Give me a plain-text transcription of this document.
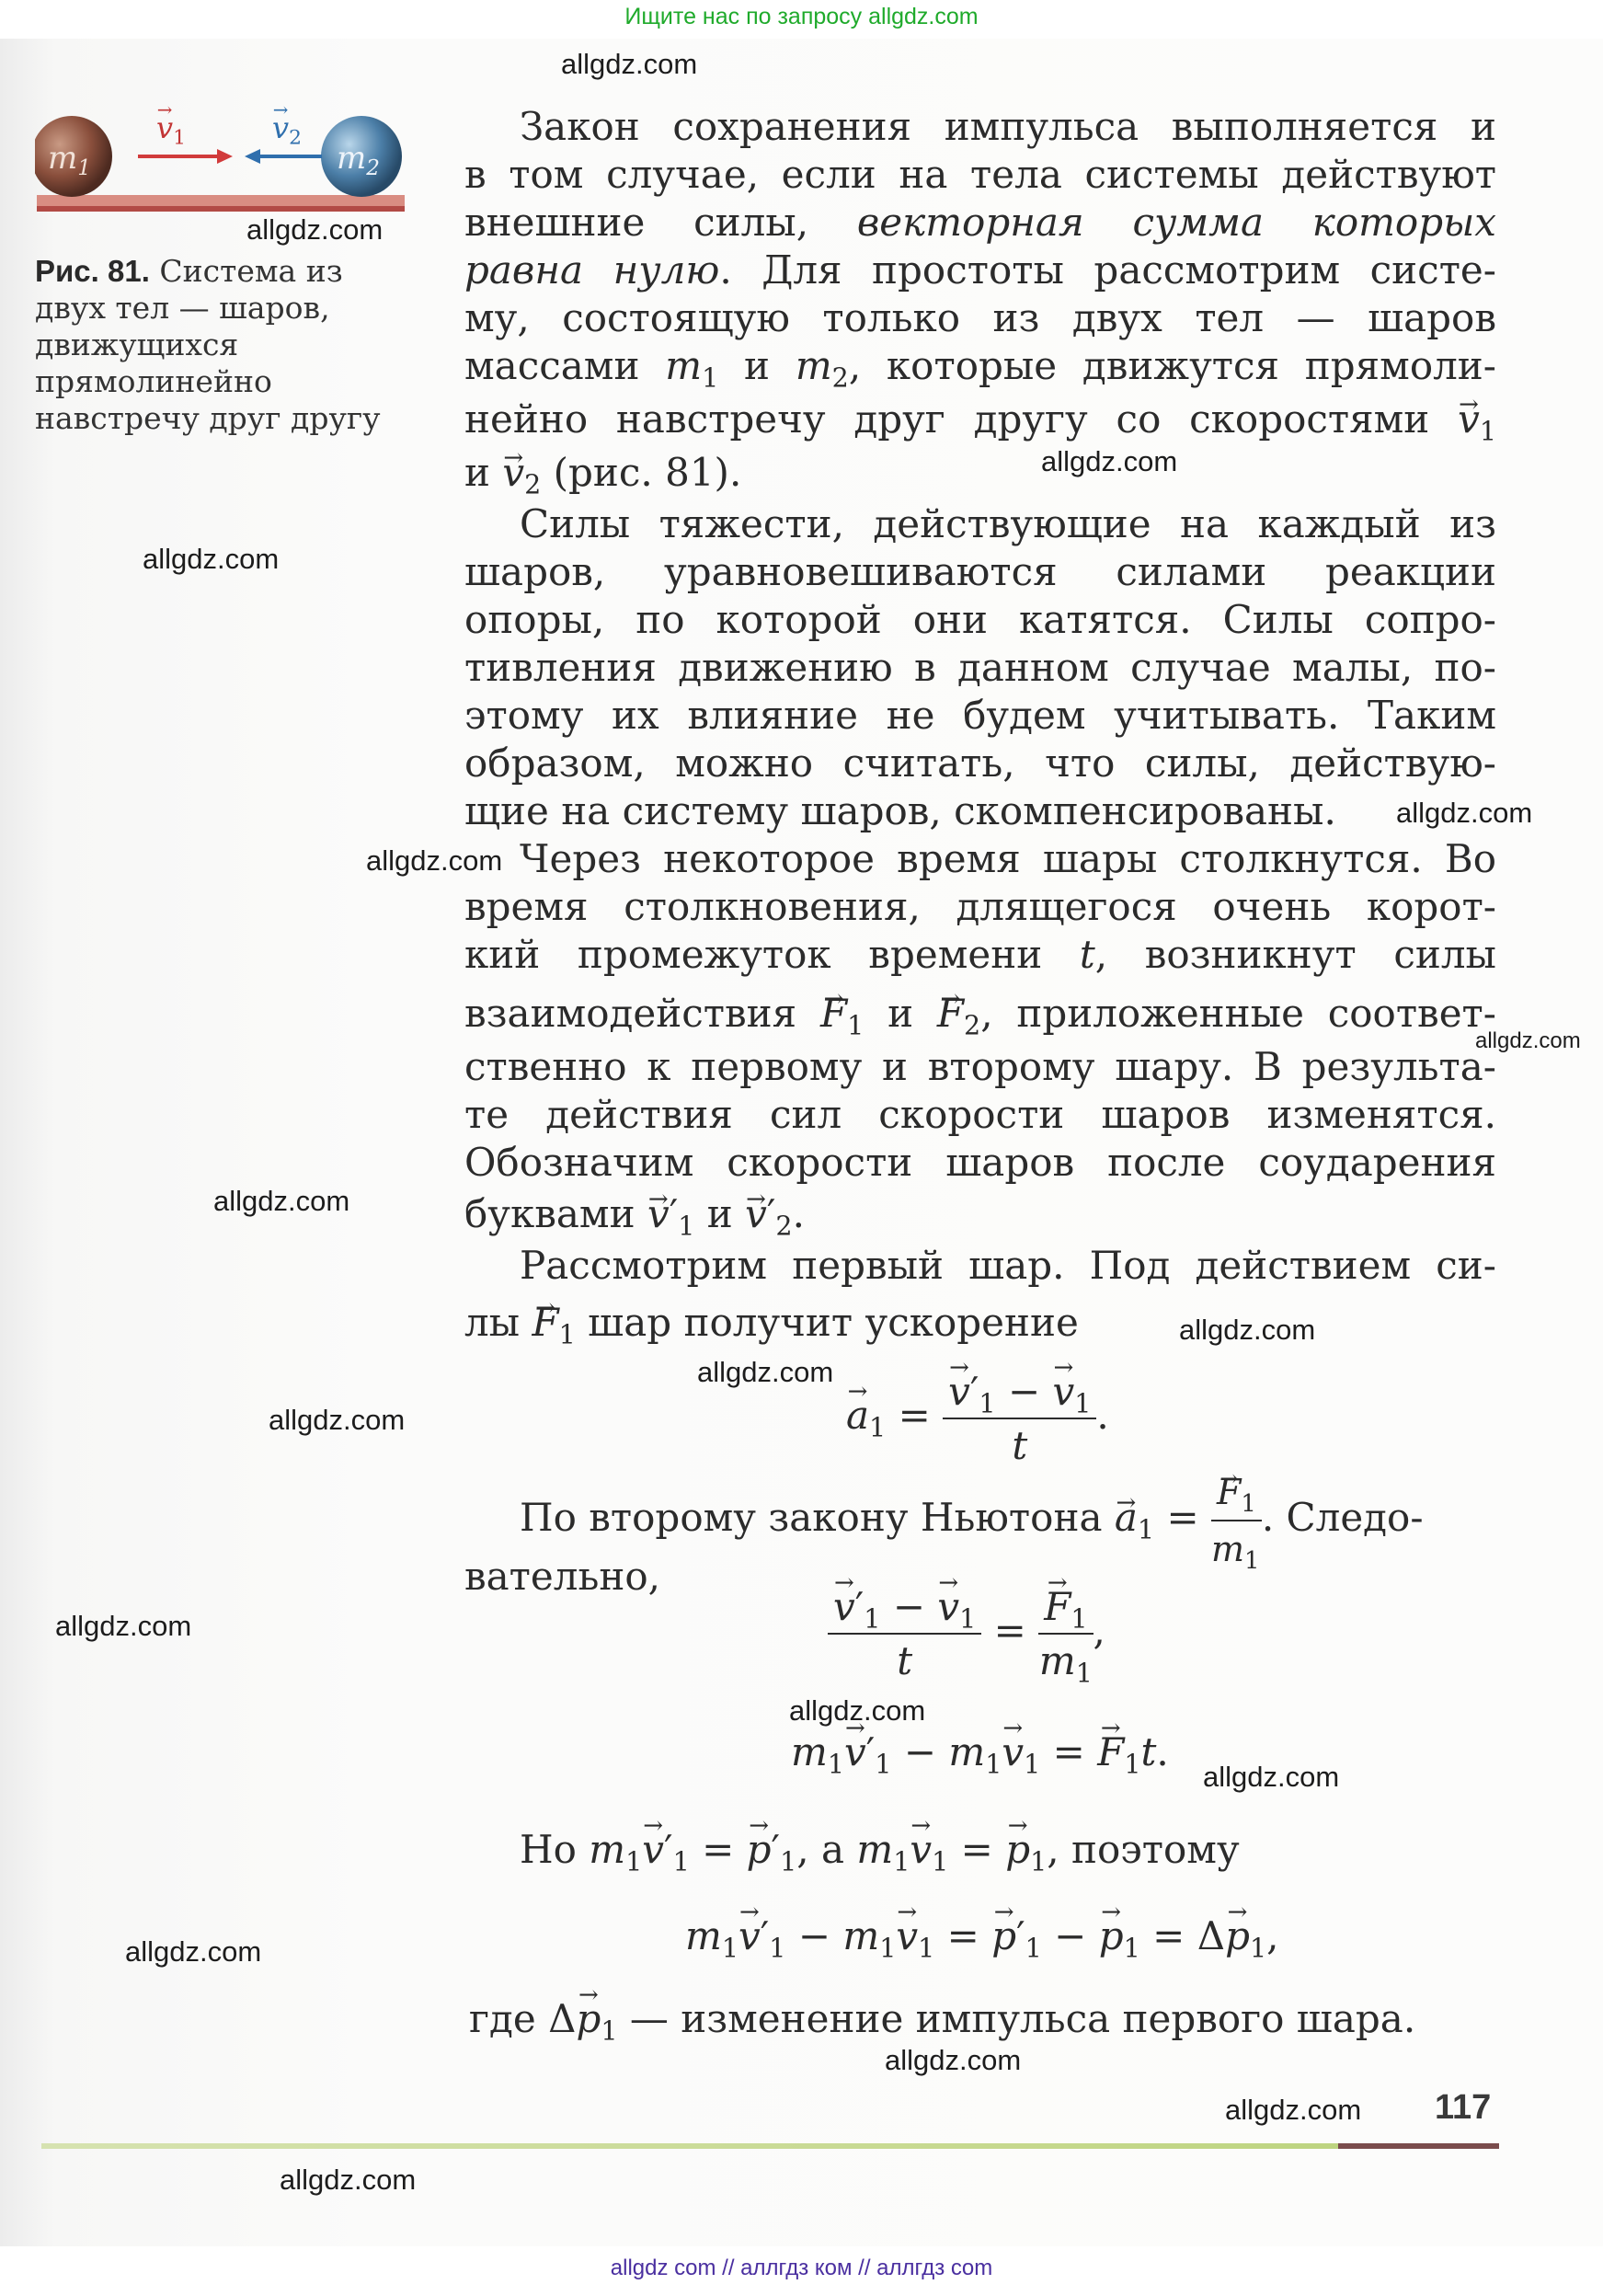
Ищите нас по запросу allgdz.com
$m_1$	$m_2$
→ $v_1$	→ $v_2$
Рис. 81. Система из двух тел — шаров, движущихся прямолинейно навстречу друг другу
Закон сохранения импульса выполняется и
в том случае, если на тела системы действуют
внешние силы, векторная сумма которых
равна нулю. Для простоты рассмотрим систе-
му, состоящую только из двух тел — шаров
массами $m_1$ и $m_2$, которые движутся прямоли-
нейно навстречу друг другу со скоростями → $v_1$
$и \to v_2$ (рис. 81).
Силы тяжести, действующие на каждый из
шаров, уравновешиваются силами реакции
опоры, по которой они катятся. Силы сопро-
тивления движению в данном случае малы, по-
этому их влияние не будем учитывать. Таким
образом, можно считать, что силы, действую-
щие на систему шаров, скомпенсированы.
Через некоторое время шары столкнутся. Во
время столкновения, длящегося очень корот-
кий промежуток времени t, возникнут силы
взаимодействия → $F_1$ $и \to F_2$, приложенные соответ-
ственно к первому и второму шару. В результа-
те действия сил скорости шаров изменятся.
Обозначим скорости шаров после соударения
буквами → $v'_1$ $и \to v'_2$.
Рассмотрим первый шар. Под действием си-
лы → $F_1$ шар получит ускорение
→ $a_1$ = → $\frac{v'_1 - \to v_1}{t}$ .
По второму закону Ньютона → $a_1$ = → $\frac{F_1}{m_1}$ . Следо-
вательно,
→ $\frac{v'_1 - \to v_1}{t}$ = → $\frac{F_1}{m_1}$ ,
$m_1\to v'_1 - m_1\to v_1$ = → $F_1t$.
Но $m_1\to v'_1$ = → $p'_1$, а $m_1\to v_1$ = → $p_1$, поэтому
$m_1\to v'_1 - m_1\to v_1$ = → $p'_1$ − → $p_1 = \Delta\to p_1$,
где $\Delta\to p_1$ — изменение импульса первого шара.
117
allgdz.com
allgdz.com
allgdz.com
allgdz.com
allgdz.com
allgdz.com
allgdz.com
allgdz.com
allgdz.com
allgdz.com
allgdz.com
allgdz.com
allgdz.com
allgdz.com
allgdz.com
allgdz.com
allgdz.com
allgdz.com
allgdz com // аллгдз ком // аллгдз com
